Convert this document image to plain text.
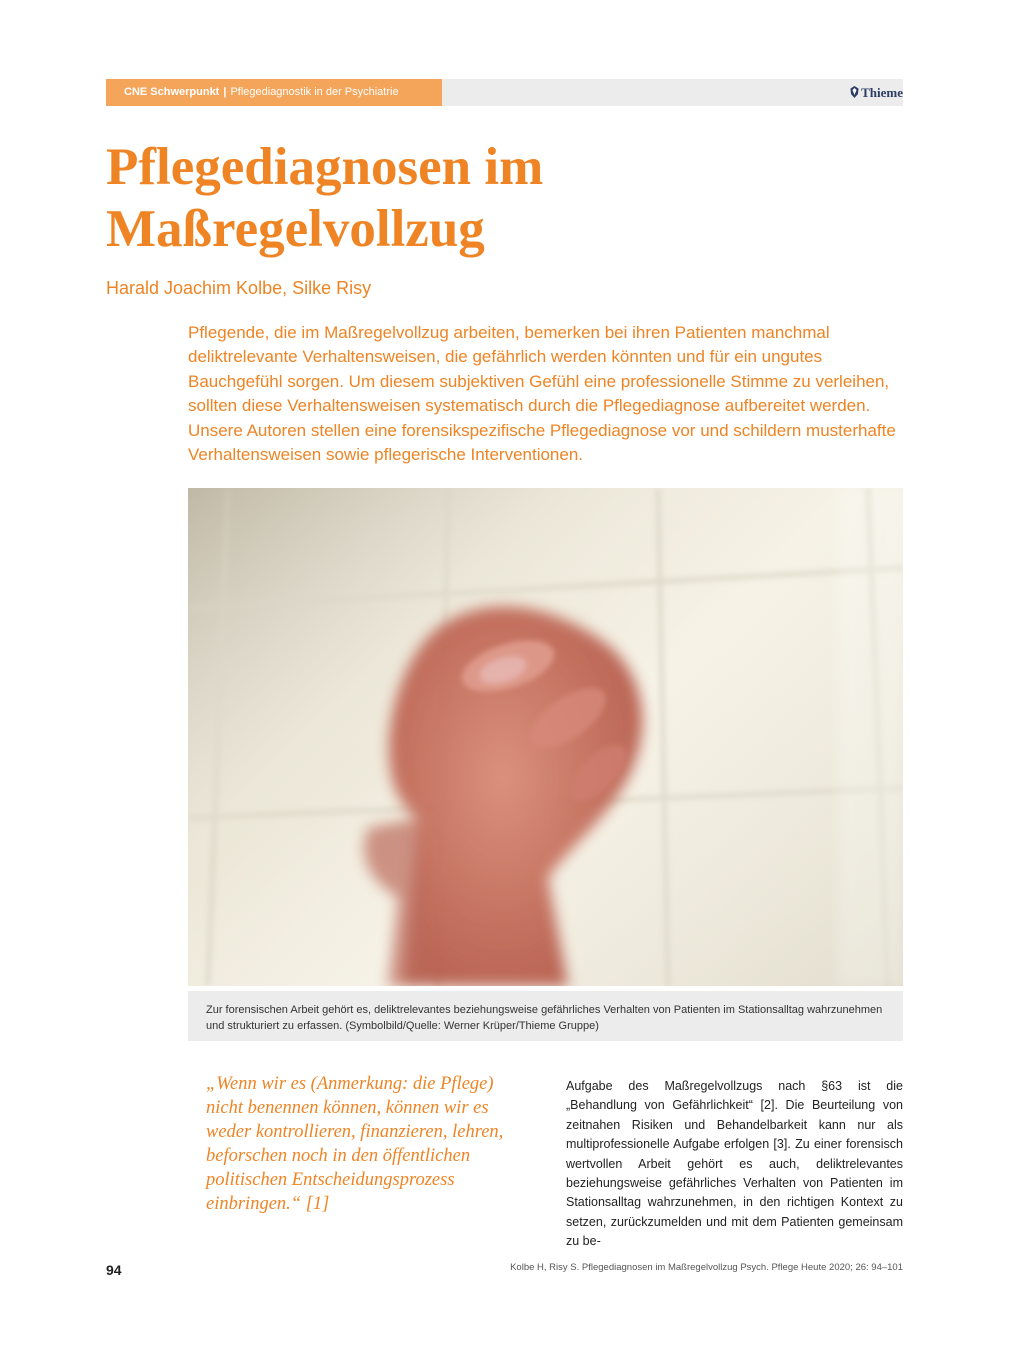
CNE Schwerpunkt | Pflegediagnostik in der Psychiatrie	Thieme
Pflegediagnosen im Maßregelvollzug
Harald Joachim Kolbe, Silke Risy

Pflegende, die im Maßregelvollzug arbeiten, bemerken bei ihren Patienten manchmal deliktrelevante Verhaltensweisen, die gefährlich werden könnten und für ein ungutes Bauchgefühl sorgen. Um diesem subjektiven Gefühl eine professionelle Stimme zu verleihen, sollten diese Verhaltensweisen systematisch durch die Pflegediagnose aufbereitet werden. Unsere Autoren stellen eine forensikspezifische Pflegediagnose vor und schildern musterhafte Verhaltensweisen sowie pflegerische Interventionen.

Zur forensischen Arbeit gehört es, deliktrelevantes beziehungsweise gefährliches Verhalten von Patienten im Stationsalltag wahrzunehmen und strukturiert zu erfassen. (Symbolbild/Quelle: Werner Krüper/Thieme Gruppe)

„Wenn wir es (Anmerkung: die Pflege) nicht benennen können, können wir es weder kontrollieren, finanzieren, lehren, beforschen noch in den öffentlichen politischen Entscheidungsprozess einbringen.“ [1]

Aufgabe des Maßregelvollzugs nach §63 ist die „Behandlung von Gefährlichkeit“ [2]. Die Beurteilung von zeitnahen Risiken und Behandelbarkeit kann nur als multiprofessionelle Aufgabe erfolgen [3]. Zu einer forensisch wertvollen Arbeit gehört es auch, deliktrelevantes beziehungsweise gefährliches Verhalten von Patienten im Stationsalltag wahrzunehmen, in den richtigen Kontext zu setzen, zurückzumelden und mit dem Patienten gemeinsam zu be-

94	Kolbe H, Risy S. Pflegediagnosen im Maßregelvollzug Psych. Pflege Heute 2020; 26: 94–101
